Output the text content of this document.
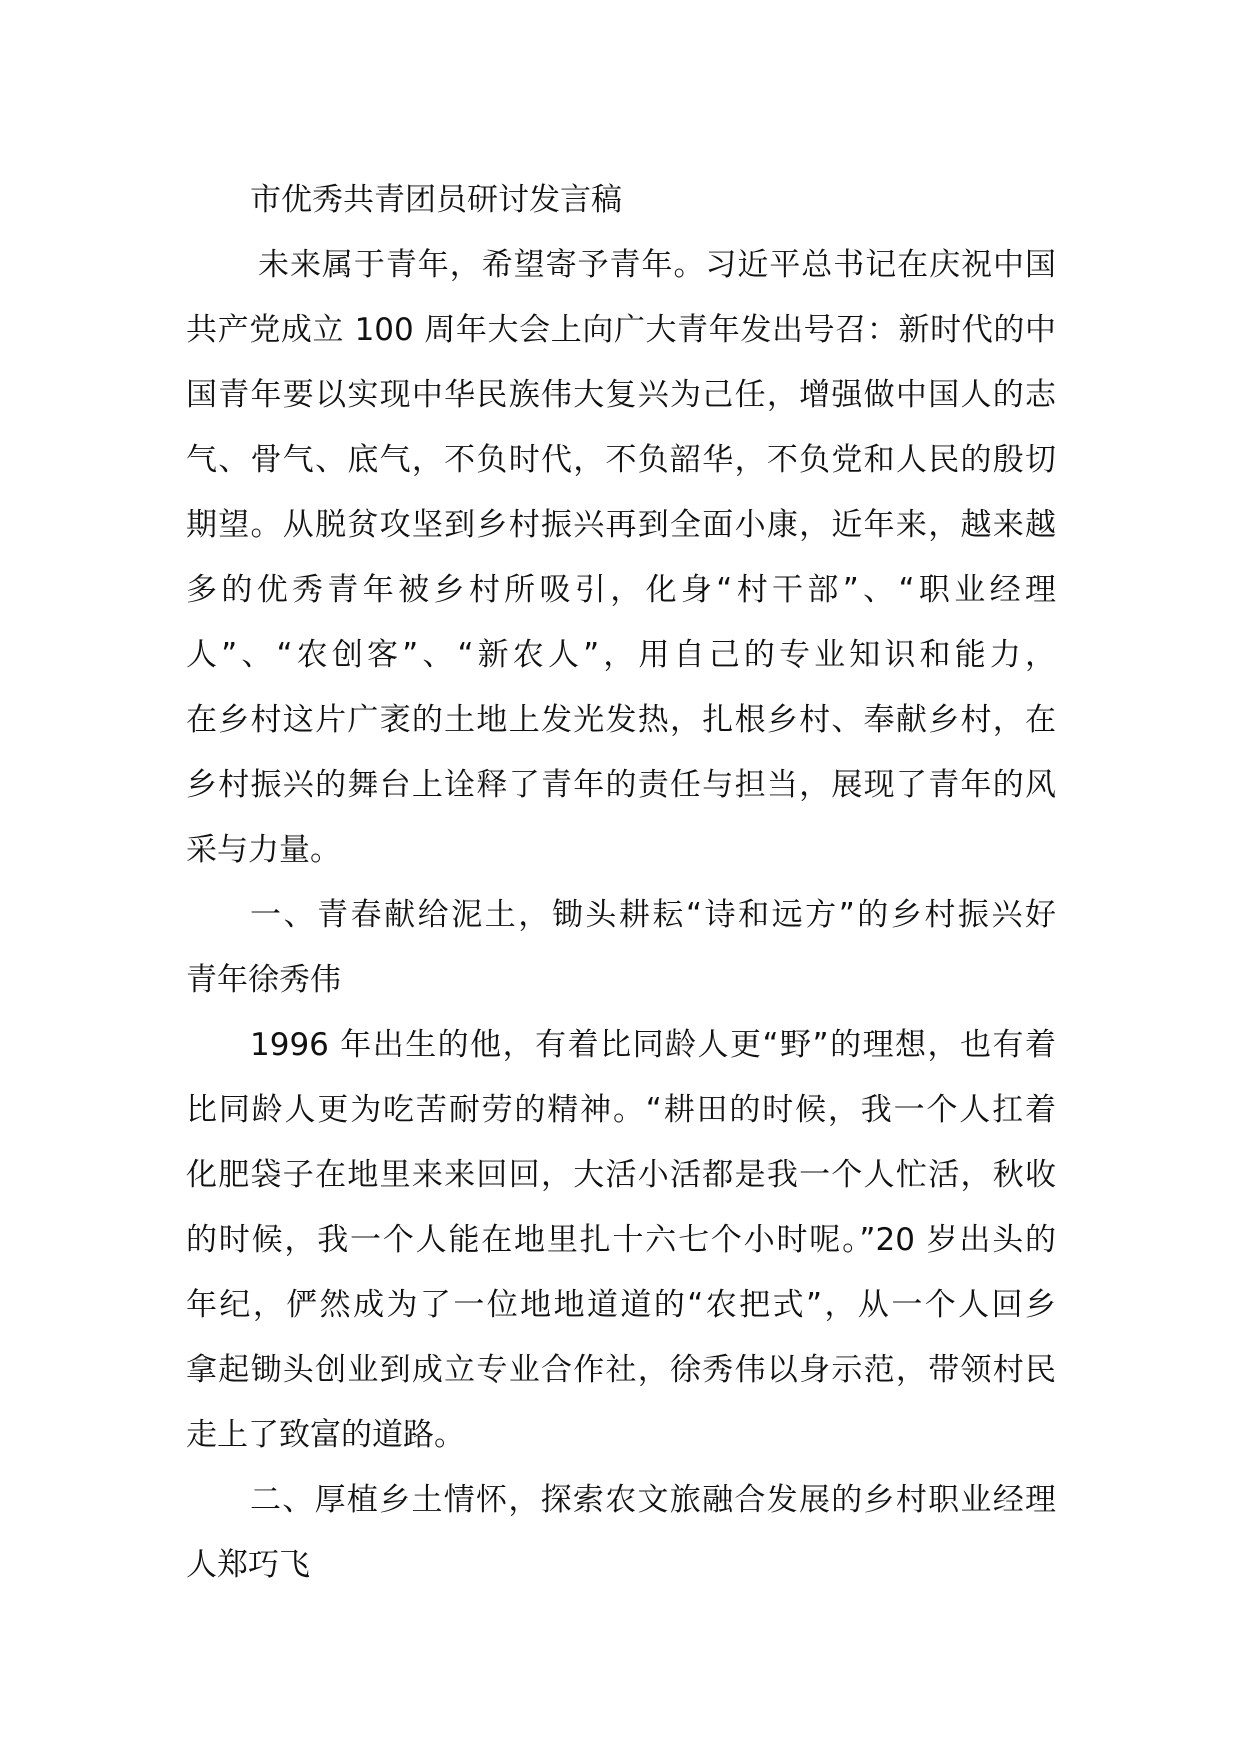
市优秀共青团员研讨发言稿
未来属于青年，希望寄予青年。习近平总书记在庆祝中国
共产党成立 100 周年大会上向广大青年发出号召：新时代的中
国青年要以实现中华民族伟大复兴为己任，增强做中国人的志
气、骨气、底气，不负时代，不负韶华，不负党和人民的殷切
期望。从脱贫攻坚到乡村振兴再到全面小康，近年来，越来越
多的优秀青年被乡村所吸引，化身“村干部”、“职业经理
人”、“农创客”、“新农人”，用自己的专业知识和能力，
在乡村这片广袤的土地上发光发热，扎根乡村、奉献乡村，在
乡村振兴的舞台上诠释了青年的责任与担当，展现了青年的风
采与力量。
一、青春献给泥土，锄头耕耘“诗和远方”的乡村振兴好
青年徐秀伟
1996 年出生的他，有着比同龄人更“野”的理想，也有着
比同龄人更为吃苦耐劳的精神。“耕田的时候，我一个人扛着
化肥袋子在地里来来回回，大活小活都是我一个人忙活，秋收
的时候，我一个人能在地里扎十六七个小时呢。”20 岁出头的
年纪，俨然成为了一位地地道道的“农把式”，从一个人回乡
拿起锄头创业到成立专业合作社，徐秀伟以身示范，带领村民
走上了致富的道路。
二、厚植乡土情怀，探索农文旅融合发展的乡村职业经理
人郑巧飞
